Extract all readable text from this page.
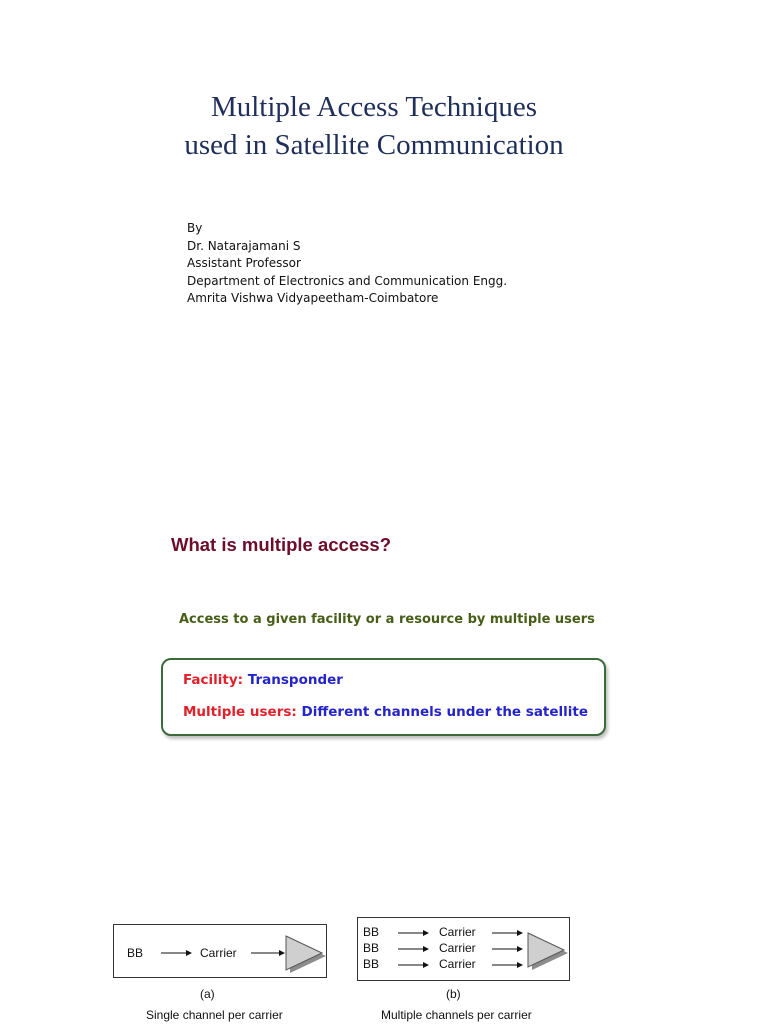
Multiple Access Techniques
used in Satellite Communication
By
Dr. Natarajamani S
Assistant Professor
Department of Electronics and Communication Engg.
Amrita Vishwa Vidyapeetham-Coimbatore
What is multiple access?
Access to a given facility or a resource by multiple users
Facility: Transponder
Multiple users: Different channels under the satellite
BB	Carrier
(a)
Single channel per carrier
BB
BB
BB
Carrier
Carrier
Carrier
(b)
Multiple channels per carrier
